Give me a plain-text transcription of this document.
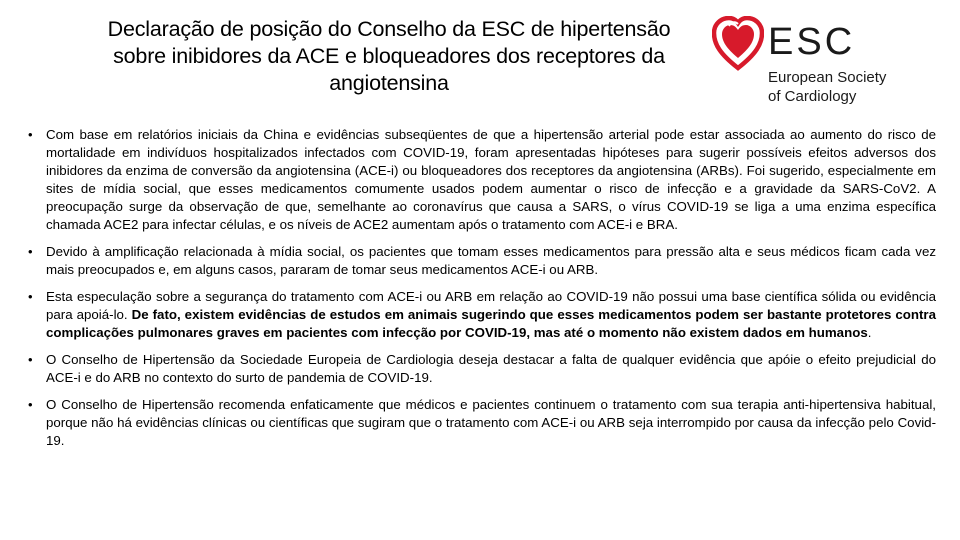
Declaração de posição do Conselho da ESC de hipertensão
sobre inibidores da ACE e bloqueadores dos receptores da
angiotensina
ESC
European Society
of Cardiology
• Com base em relatórios iniciais da China e evidências subseqüentes de que a hipertensão arterial pode estar associada ao aumento do risco de mortalidade em indivíduos hospitalizados infectados com COVID-19, foram apresentadas hipóteses para sugerir possíveis efeitos adversos dos inibidores da enzima de conversão da angiotensina (ACE-i) ou bloqueadores dos receptores da angiotensina (ARBs). Foi sugerido, especialmente em sites de mídia social, que esses medicamentos comumente usados podem aumentar o risco de infecção e a gravidade da SARS-CoV2. A preocupação surge da observação de que, semelhante ao coronavírus que causa a SARS, o vírus COVID-19 se liga a uma enzima específica chamada ACE2 para infectar células, e os níveis de ACE2 aumentam após o tratamento com ACE-i e BRA.
• Devido à amplificação relacionada à mídia social, os pacientes que tomam esses medicamentos para pressão alta e seus médicos ficam cada vez mais preocupados e, em alguns casos, pararam de tomar seus medicamentos ACE-i ou ARB.
• Esta especulação sobre a segurança do tratamento com ACE-i ou ARB em relação ao COVID-19 não possui uma base científica sólida ou evidência para apoiá-lo. De fato, existem evidências de estudos em animais sugerindo que esses medicamentos podem ser bastante protetores contra complicações pulmonares graves em pacientes com infecção por COVID-19, mas até o momento não existem dados em humanos.
• O Conselho de Hipertensão da Sociedade Europeia de Cardiologia deseja destacar a falta de qualquer evidência que apóie o efeito prejudicial do ACE-i e do ARB no contexto do surto de pandemia de COVID-19.
• O Conselho de Hipertensão recomenda enfaticamente que médicos e pacientes continuem o tratamento com sua terapia anti-hipertensiva habitual, porque não há evidências clínicas ou científicas que sugiram que o tratamento com ACE-i ou ARB seja interrompido por causa da infecção pelo Covid-19.
